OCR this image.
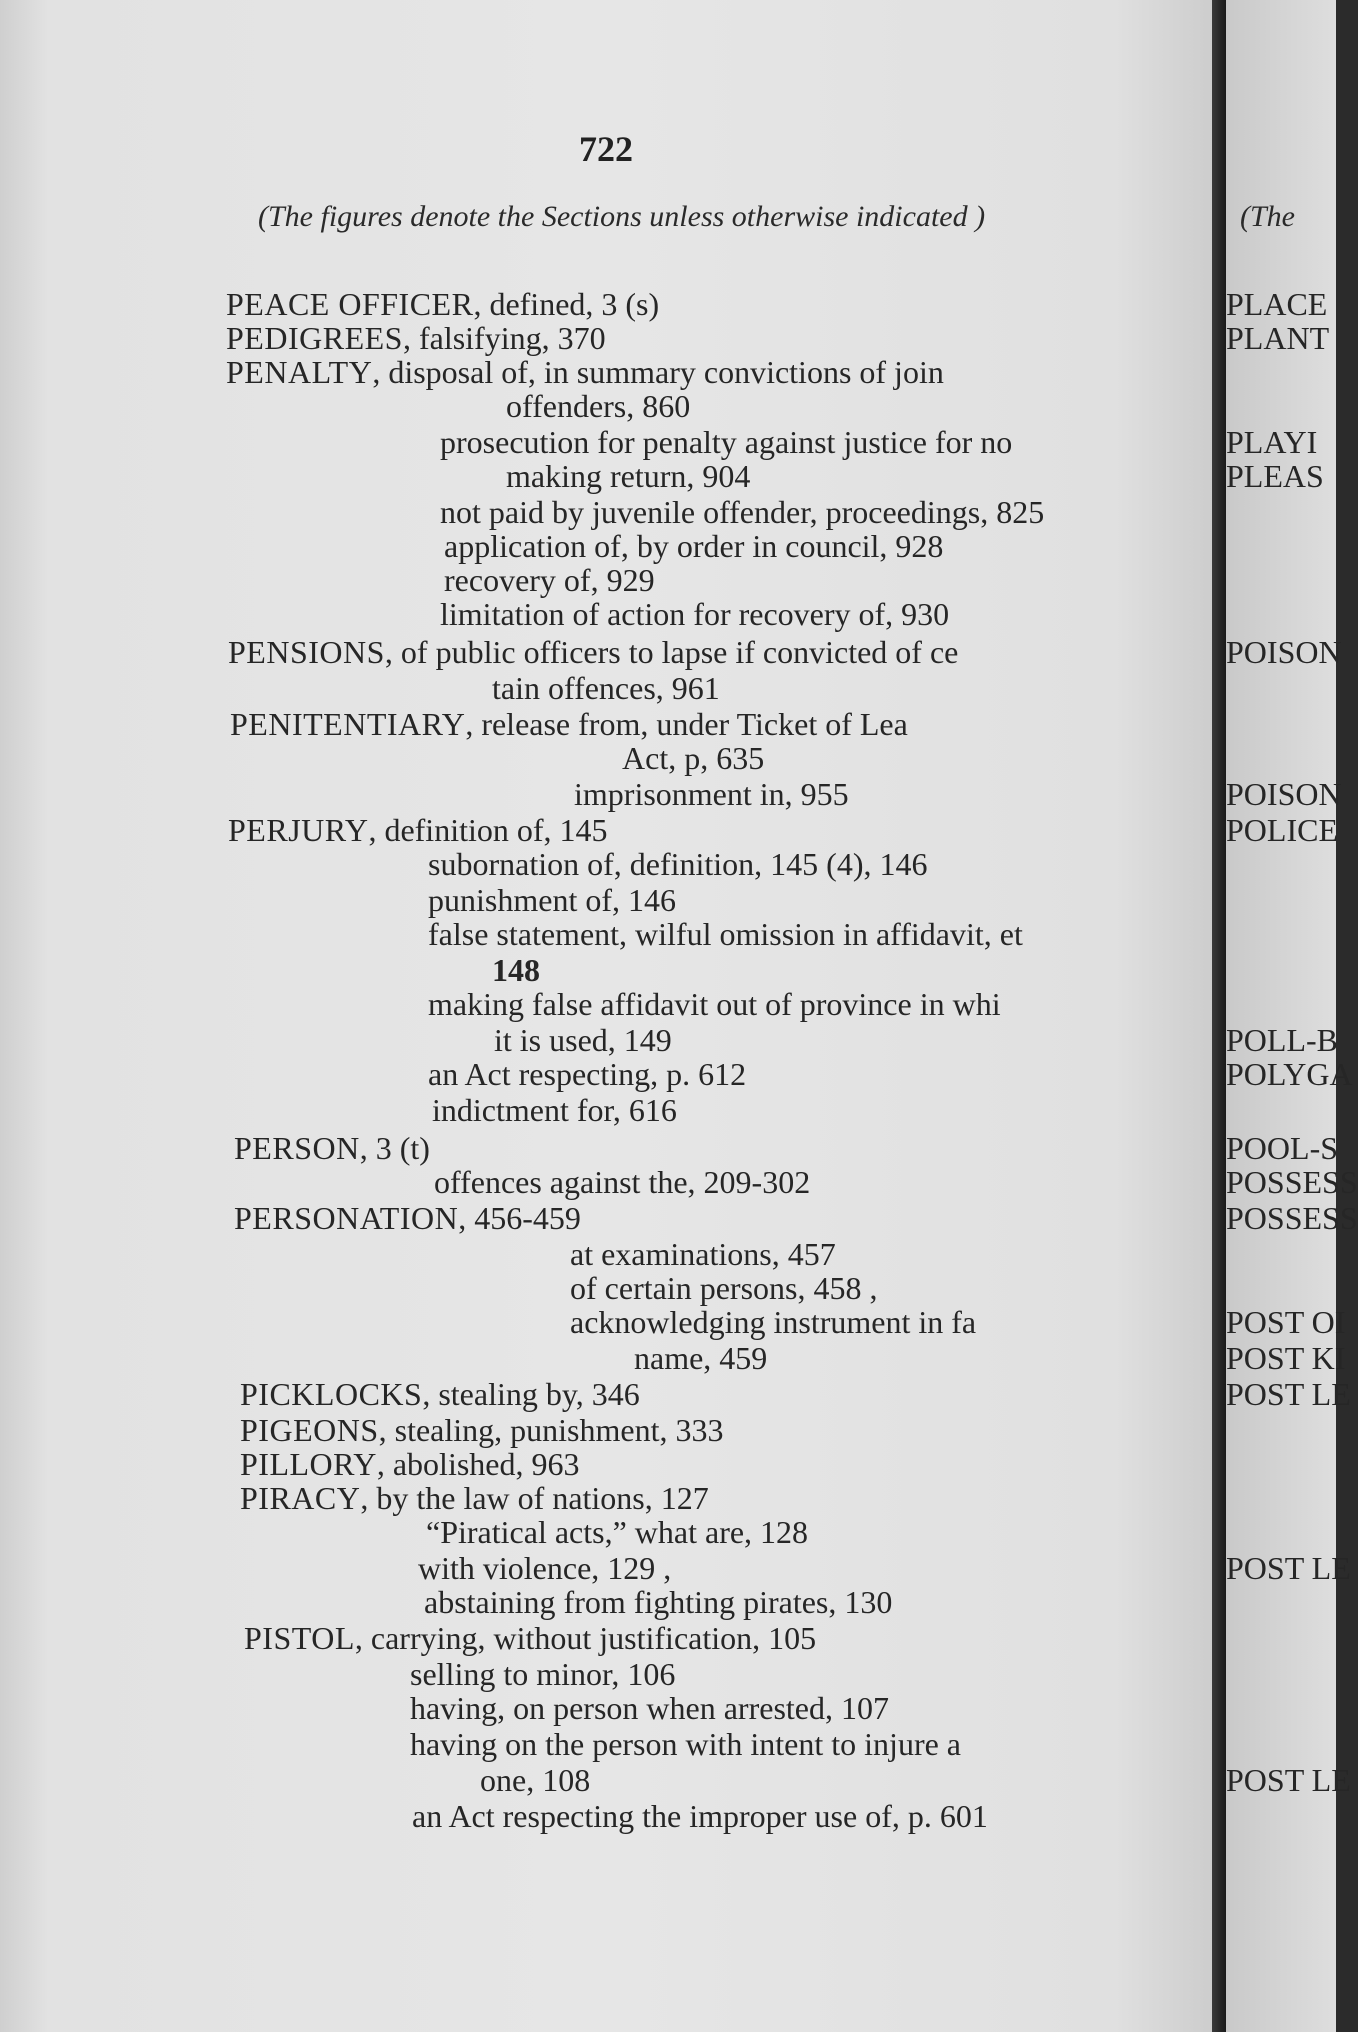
722
(The figures denote the Sections unless otherwise indicated )
PEACE OFFICER, defined, 3 (s)
PEDIGREES, falsifying, 370
PENALTY, disposal of, in summary convictions of join
offenders, 860
prosecution for penalty against justice for no
making return, 904
not paid by juvenile offender, proceedings, 825
application of, by order in council, 928
recovery of, 929
limitation of action for recovery of, 930
PENSIONS, of public officers to lapse if convicted of ce
tain offences, 961
PENITENTIARY, release from, under Ticket of Lea
Act, p, 635
imprisonment in, 955
PERJURY, definition of, 145
subornation of, definition, 145 (4), 146
punishment of, 146
false statement, wilful omission in affidavit, et
148
making false affidavit out of province in whi
it is used, 149
an Act respecting, p. 612
indictment for, 616
PERSON, 3 (t)
offences against the, 209-302
PERSONATION, 456-459
at examinations, 457
of certain persons, 458 ,
acknowledging instrument in fa
name, 459
PICKLOCKS, stealing by, 346
PIGEONS, stealing, punishment, 333
PILLORY, abolished, 963
PIRACY, by the law of nations, 127
“Piratical acts,” what are, 128
with violence, 129 ,
abstaining from fighting pirates, 130
PISTOL, carrying, without justification, 105
selling to minor, 106
having, on person when arrested, 107
having on the person with intent to injure a
one, 108
an Act respecting the improper use of, p. 601
(The
PLACE
PLANT
PLAYI
PLEAS
POISON
POISON
POLICE
POLL-B
POLYGA
POOL-S
POSSESS
POSSESS
POST OI
POST KI
POST LE
POST LE
POST LE
